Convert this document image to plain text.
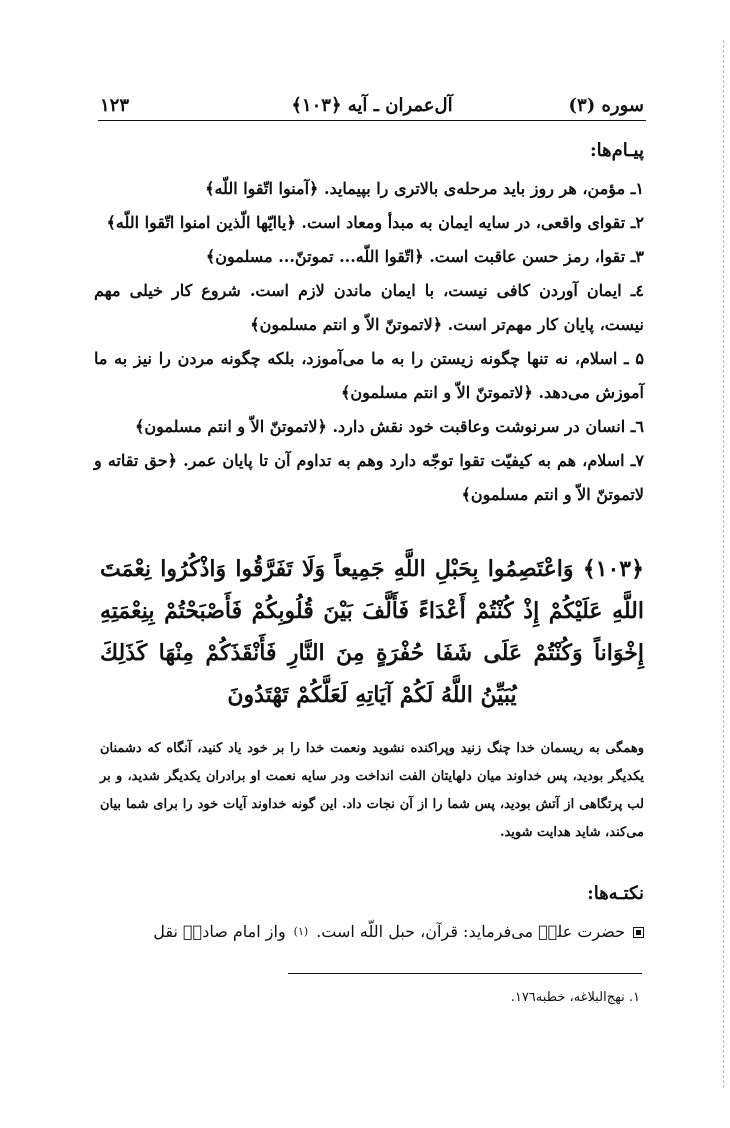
سوره (۳)
آل‌عمران ـ آیه ﴿۱۰۳﴾
۱۲۳
پیـام‌ها:

۱ـ مؤمن، هر روز باید مرحله‌ی بالاتری را بپیماید. ﴿آمنوا اتّقوا اللّه﴾

۲ـ تقوای واقعی، در سایه ایمان به مبدأ ومعاد است. ﴿یاایّها الّذین امنوا اتّقوا اللّه﴾

۳ـ تقوا، رمز حسن عاقبت است. ﴿اتّقوا اللّه... تموتنّ... مسلمون﴾

٤ـ ایمان آوردن کافی نیست، با ایمان ماندن لازم است. شروع کار خیلی مهم نیست، پایان کار مهم‌تر است. ﴿لاتموتنّ الاّ و انتم مسلمون﴾

۵ ـ اسلام، نه تنها چگونه زیستن را به ما می‌آموزد، بلکه چگونه مردن را نیز به ما آموزش می‌دهد. ﴿لاتموتنّ الاّ و انتم مسلمون﴾

٦ـ انسان در سرنوشت وعاقبت خود نقش دارد. ﴿لاتموتنّ الاّ و انتم مسلمون﴾

۷ـ اسلام، هم به کیفیّت تقوا توجّه دارد وهم به تداوم آن تا پایان عمر. ﴿حق تقاته و لاتموتنّ الاّ و انتم مسلمون﴾

﴿۱۰۳﴾ وَاعْتَصِمُوا بِحَبْلِ اللَّهِ جَمِيعاً وَلَا تَفَرَّقُوا وَاذْكُرُوا نِعْمَتَ اللَّهِ عَلَيْكُمْ إِذْ كُنْتُمْ أَعْدَاءً فَأَلَّفَ بَيْنَ قُلُوبِكُمْ فَأَصْبَحْتُمْ بِنِعْمَتِهِ إِخْوَاناً وَكُنْتُمْ عَلَى شَفَا حُفْرَةٍ مِنَ النَّارِ فَأَنْقَذَكُمْ مِنْهَا كَذَلِكَ يُبَيِّنُ اللَّهُ لَكُمْ آيَاتِهِ لَعَلَّكُمْ تَهْتَدُونَ
وهمگی به ریسمان خدا چنگ زنید وپراکنده نشوید ونعمت خدا را بر خود یاد کنید، آنگاه که دشمنان یکدیگر بودید، پس خداوند میان دلهایتان الفت انداخت ودر سایه نعمت او برادران یکدیگر شدید، و بر لب پرتگاهی از آتش بودید، پس شما را از آن نجات داد. این گونه خداوند آیات خود را برای شما بیان می‌کند، شاید هدایت شوید.
نکتـه‌ها:
حضرت علیؑ می‌فرماید: قرآن، حبل اللّه است.
(۱)
واز امام صادقؑ نقل
۱. نهج‌البلاغه، خطبه۱۷٦.
